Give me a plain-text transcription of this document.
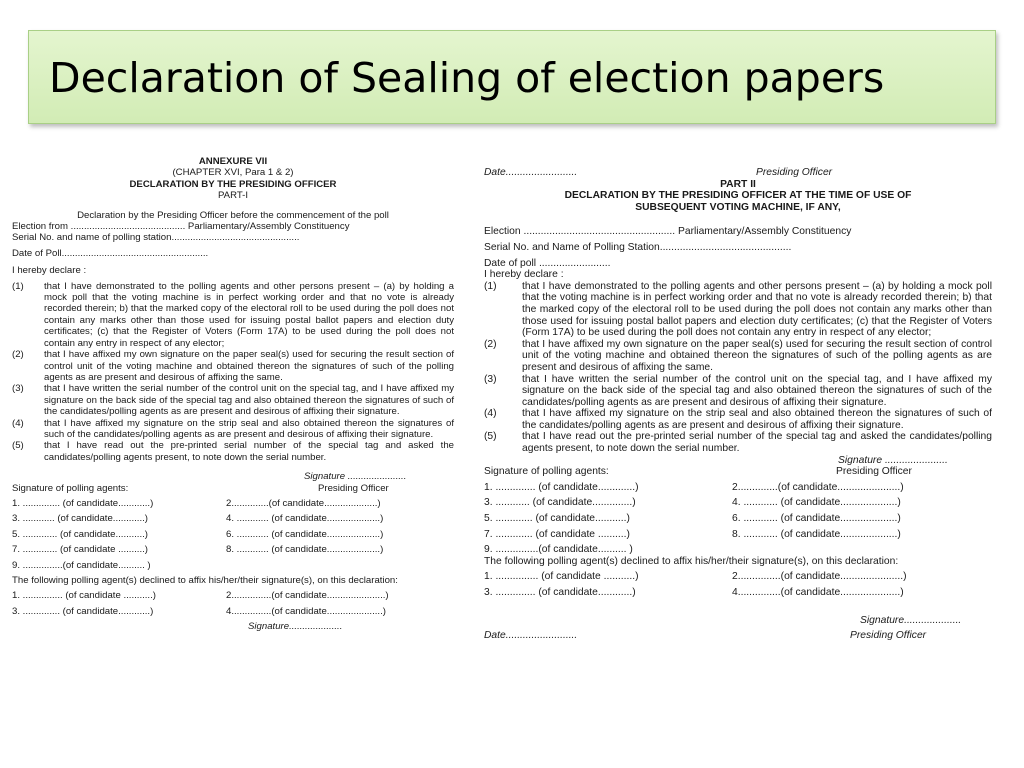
Declaration of Sealing of election papers
ANNEXURE VII
(CHAPTER XVI, Para 1 & 2)
DECLARATION BY THE PRESIDING OFFICER
PART-I
Declaration by the Presiding Officer before the commencement of the poll
Election from ........................................... Parliamentary/Assembly Constituency
Serial No. and name of polling station................................................
Date of Poll.......................................................
I hereby declare :
(1)	that I have demonstrated to the polling agents and other persons present – (a) by holding a mock poll that the voting machine is in perfect working order and that no vote is already recorded therein; b) that the marked copy of the electoral roll to be used during the poll does not contain any marks other than those used for issuing postal ballot papers and election duty certificates; (c) that the Register of Voters (Form 17A) to be used during the poll does not contain any entry in respect of any elector;
(2)	that I have affixed my own signature on the paper seal(s) used for securing the result section of control unit of the voting machine and obtained thereon the signatures of such of the polling agents as are present and desirous of affixing the same.
(3)	that I have written the serial number of the control unit on the special tag, and I have affixed my signature on the back side of the special tag and also obtained thereon the signatures of such of the candidates/polling agents as are present and desirous of affixing their signature.
(4)	that I have affixed my signature on the strip seal and also obtained thereon the signatures of such of the candidates/polling agents as are present and desirous of affixing their signature.
(5)	that I have read out the pre-printed serial number of the special tag and asked the candidates/polling agents present, to note down the serial number.
Signature ......................
Signature of polling agents:	Presiding Officer
1. .............. (of candidate............)	2..............(of candidate....................)
3. ............ (of candidate............)	4. ............ (of candidate....................)
5. ............. (of candidate...........)	6. ............ (of candidate....................)
7. ............. (of candidate ..........)	8. ............ (of candidate....................)
9. ...............(of candidate.......... )
The following polling agent(s) declined to affix his/her/their signature(s), on this declaration:
1. ............... (of candidate ...........)	2...............(of candidate......................)
3. .............. (of candidate............)	4...............(of candidate.....................)
Signature....................
Date.........................	Presiding Officer
PART II
DECLARATION BY THE PRESIDING OFFICER AT THE TIME OF USE OF
SUBSEQUENT VOTING MACHINE, IF ANY,
Election ..................................................... Parliamentary/Assembly Constituency
Serial No. and Name of Polling Station..............................................
Date of poll .........................
I hereby declare :
(1)	that I have demonstrated to the polling agents and other persons present – (a) by holding a mock poll that the voting machine is in perfect working order and that no vote is already recorded therein; b) that the marked copy of the electoral roll to be used during the poll does not contain any marks other than those used for issuing postal ballot papers and election duty certificates; (c) that the Register of Voters (Form 17A) to be used during the poll does not contain any entry in respect of any elector;
(2)	that I have affixed my own signature on the paper seal(s) used for securing the result section of control unit of the voting machine and obtained thereon the signatures of such of the polling agents as are present and desirous of affixing the same.
(3)	that I have written the serial number of the control unit on the special tag, and I have affixed my signature on the back side of the special tag and also obtained thereon the signatures of such of the candidates/polling agents as are present and desirous of affixing their signature.
(4)	that I have affixed my signature on the strip seal and also obtained thereon the signatures of such of the candidates/polling agents as are present and desirous of affixing their signature.
(5)	that I have read out the pre-printed serial number of the special tag and asked the candidates/polling agents present, to note down the serial number.
Signature ......................
Signature of polling agents:	Presiding Officer
1. .............. (of candidate.............)	2..............(of candidate......................)
3. ............ (of candidate..............)	4. ............ (of candidate....................)
5. ............. (of candidate...........)	6. ............ (of candidate....................)
7. ............. (of candidate ..........)	8. ............ (of candidate....................)
9. ...............(of candidate.......... )
The following polling agent(s) declined to affix his/her/their signature(s), on this declaration:
1. ............... (of candidate ...........)	2...............(of candidate......................)
3. .............. (of candidate............)	4...............(of candidate.....................)
Signature....................
Date.........................	Presiding Officer
